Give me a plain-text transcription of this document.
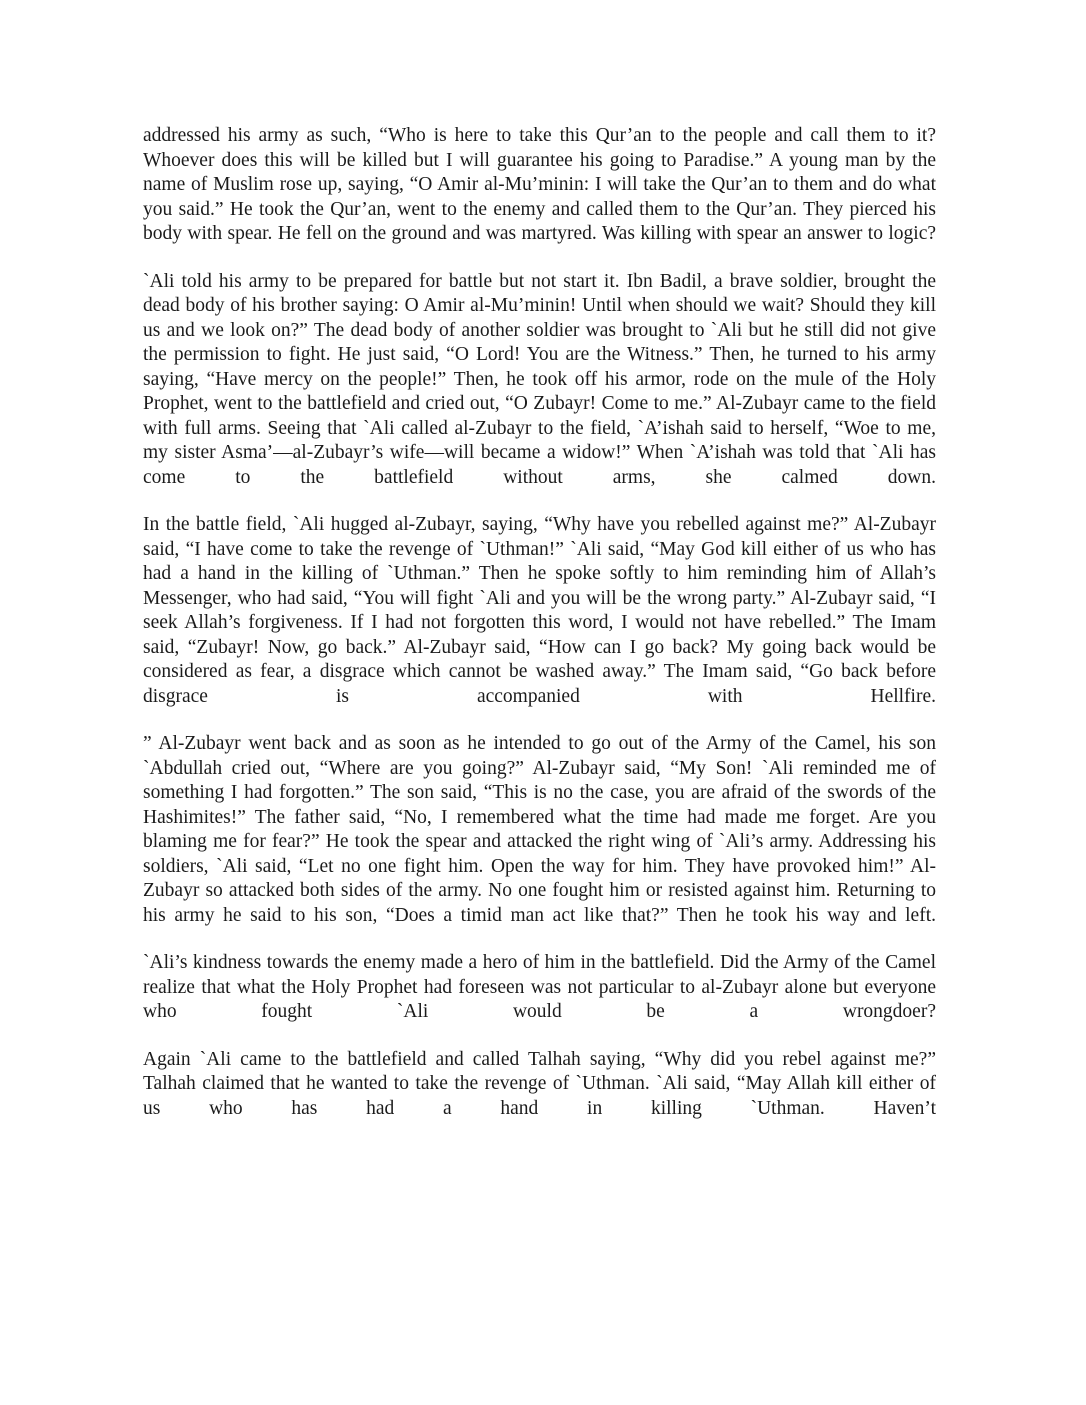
addressed his army as such, “Who is here to take this Qur’an to the people and call them to it? Whoever does this will be killed but I will guarantee his going to Paradise.” A young man by the name of Muslim rose up, saying, “O Amir al-Mu’minin: I will take the Qur’an to them and do what you said.” He took the Qur’an, went to the enemy and called them to the Qur’an. They pierced his body with spear. He fell on the ground and was martyred. Was killing with spear an answer to logic?

`Ali told his army to be prepared for battle but not start it. Ibn Badil, a brave soldier, brought the dead body of his brother saying: O Amir al-Mu’minin! Until when should we wait? Should they kill us and we look on?” The dead body of another soldier was brought to `Ali but he still did not give the permission to fight. He just said, “O Lord! You are the Witness.” Then, he turned to his army saying, “Have mercy on the people!” Then, he took off his armor, rode on the mule of the Holy Prophet, went to the battlefield and cried out, “O Zubayr! Come to me.” Al-Zubayr came to the field with full arms. Seeing that `Ali called al-Zubayr to the field, `A’ishah said to herself, “Woe to me, my sister Asma’—al-Zubayr’s wife—will became a widow!” When `A’ishah was told that `Ali has come to the battlefield without arms, she calmed down.

In the battle field, `Ali hugged al-Zubayr, saying, “Why have you rebelled against me?” Al-Zubayr said, “I have come to take the revenge of `Uthman!” `Ali said, “May God kill either of us who has had a hand in the killing of `Uthman.” Then he spoke softly to him reminding him of Allah’s Messenger, who had said, “You will fight `Ali and you will be the wrong party.” Al-Zubayr said, “I seek Allah’s forgiveness. If I had not forgotten this word, I would not have rebelled.” The Imam said, “Zubayr! Now, go back.” Al-Zubayr said, “How can I go back? My going back would be considered as fear, a disgrace which cannot be washed away.” The Imam said, “Go back before disgrace is accompanied with Hellfire.

” Al-Zubayr went back and as soon as he intended to go out of the Army of the Camel, his son `Abdullah cried out, “Where are you going?” Al-Zubayr said, “My Son! `Ali reminded me of something I had forgotten.” The son said, “This is no the case, you are afraid of the swords of the Hashimites!” The father said, “No, I remembered what the time had made me forget. Are you blaming me for fear?” He took the spear and attacked the right wing of `Ali’s army. Addressing his soldiers, `Ali said, “Let no one fight him. Open the way for him. They have provoked him!” Al-Zubayr so attacked both sides of the army. No one fought him or resisted against him. Returning to his army he said to his son, “Does a timid man act like that?” Then he took his way and left.

`Ali’s kindness towards the enemy made a hero of him in the battlefield. Did the Army of the Camel realize that what the Holy Prophet had foreseen was not particular to al-Zubayr alone but everyone who fought `Ali would be a wrongdoer?

Again `Ali came to the battlefield and called Talhah saying, “Why did you rebel against me?” Talhah claimed that he wanted to take the revenge of `Uthman. `Ali said, “May Allah kill either of us who has had a hand in killing `Uthman. Haven’t
